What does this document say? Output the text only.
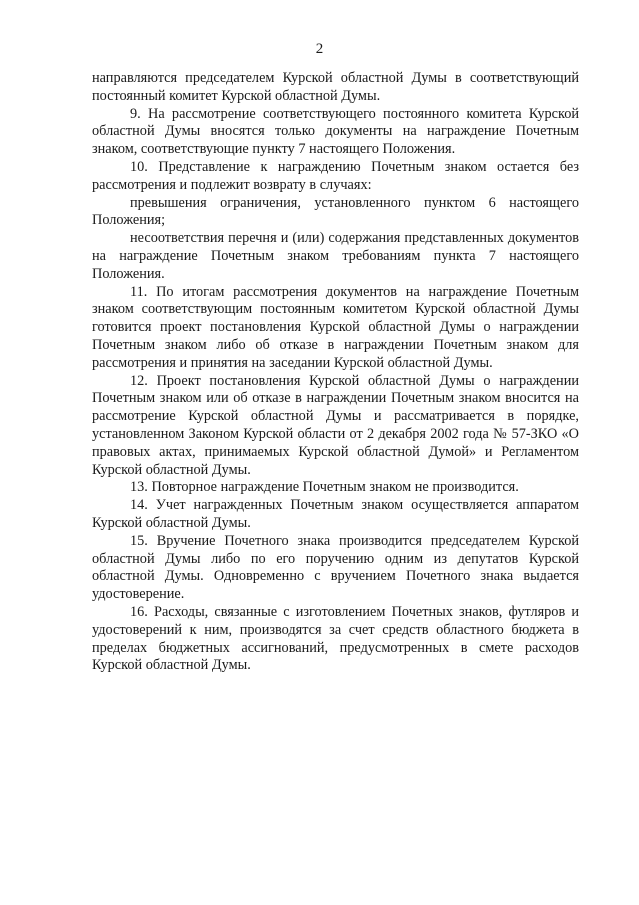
2

направляются председателем Курской областной Думы в соответствующий постоянный комитет Курской областной Думы.

9. На рассмотрение соответствующего постоянного комитета Курской областной Думы вносятся только документы на награждение Почетным знаком, соответствующие пункту 7 настоящего Положения.

10. Представление к награждению Почетным знаком остается без рассмотрения и подлежит возврату в случаях:

превышения ограничения, установленного пунктом 6 настоящего Положения;

несоответствия перечня и (или) содержания представленных документов на награждение Почетным знаком требованиям пункта 7 настоящего Положения.

11. По итогам рассмотрения документов на награждение Почетным знаком соответствующим постоянным комитетом Курской областной Думы готовится проект постановления Курской областной Думы о награждении Почетным знаком либо об отказе в награждении Почетным знаком для рассмотрения и принятия на заседании Курской областной Думы.

12. Проект постановления Курской областной Думы о награждении Почетным знаком или об отказе в награждении Почетным знаком вносится на рассмотрение Курской областной Думы и рассматривается в порядке, установленном Законом Курской области от 2 декабря 2002 года № 57-ЗКО «О правовых актах, принимаемых Курской областной Думой» и Регламентом Курской областной Думы.

13. Повторное награждение Почетным знаком не производится.

14. Учет награжденных Почетным знаком осуществляется аппаратом Курской областной Думы.

15. Вручение Почетного знака производится председателем Курской областной Думы либо по его поручению одним из депутатов Курской областной Думы. Одновременно с вручением Почетного знака выдается удостоверение.

16. Расходы, связанные с изготовлением Почетных знаков, футляров и удостоверений к ним, производятся за счет средств областного бюджета в пределах бюджетных ассигнований, предусмотренных в смете расходов Курской областной Думы.
